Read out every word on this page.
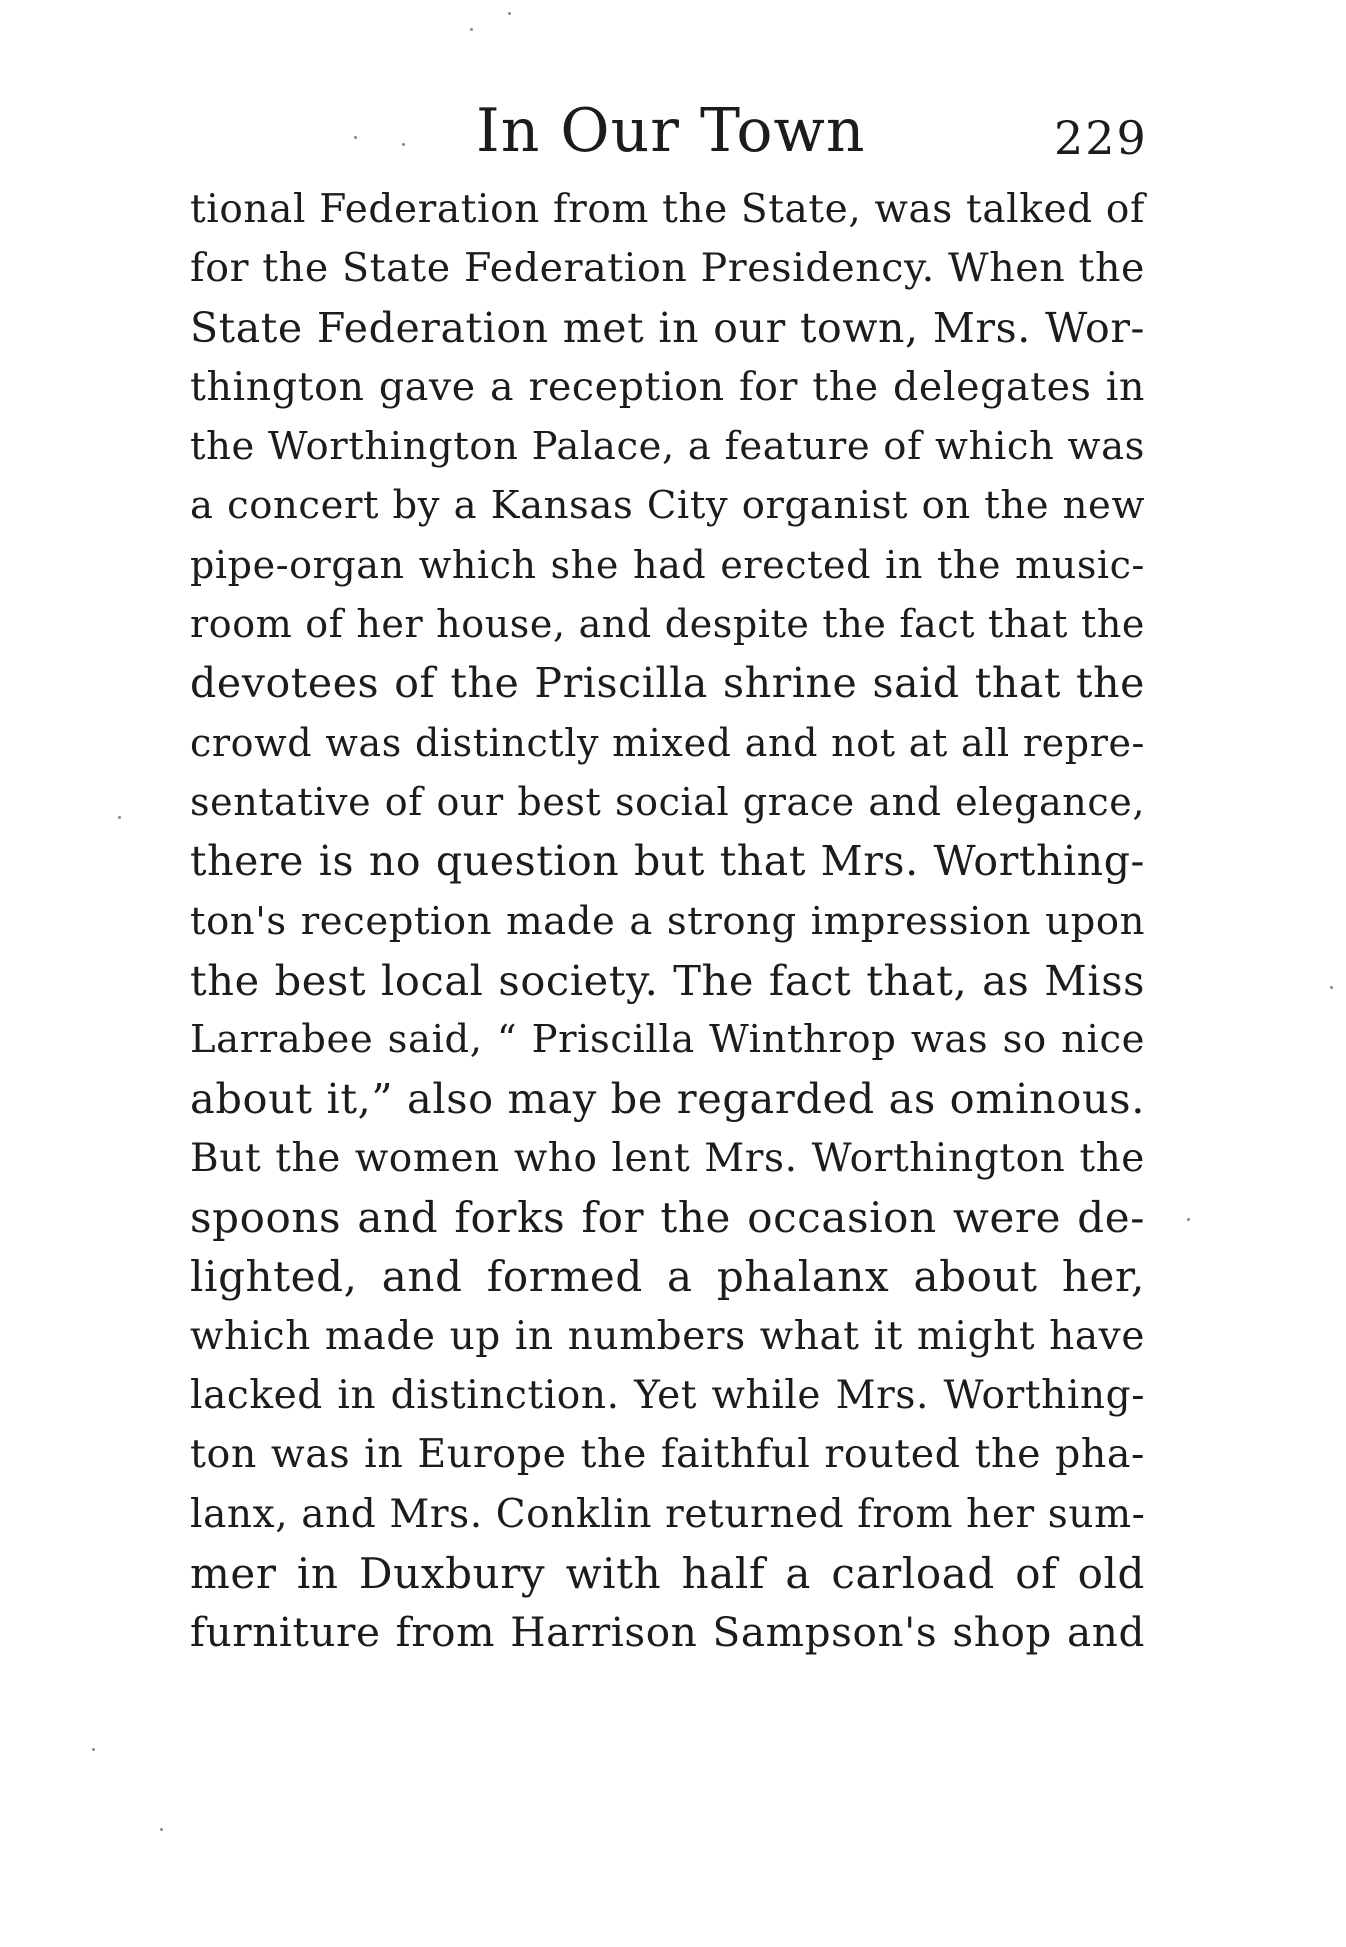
In Our Town	229
tional Federation from the State, was talked of
for the State Federation Presidency. When the
State Federation met in our town, Mrs. Wor-
thington gave a reception for the delegates in
the Worthington Palace, a feature of which was
a concert by a Kansas City organist on the new
pipe-organ which she had erected in the music-
room of her house, and despite the fact that the
devotees of the Priscilla shrine said that the
crowd was distinctly mixed and not at all repre-
sentative of our best social grace and elegance,
there is no question but that Mrs. Worthing-
ton's reception made a strong impression upon
the best local society. The fact that, as Miss
Larrabee said, “ Priscilla Winthrop was so nice
about it,” also may be regarded as ominous.
But the women who lent Mrs. Worthington the
spoons and forks for the occasion were de-
lighted, and formed a phalanx about her,
which made up in numbers what it might have
lacked in distinction. Yet while Mrs. Worthing-
ton was in Europe the faithful routed the pha-
lanx, and Mrs. Conklin returned from her sum-
mer in Duxbury with half a carload of old
furniture from Harrison Sampson's shop and
